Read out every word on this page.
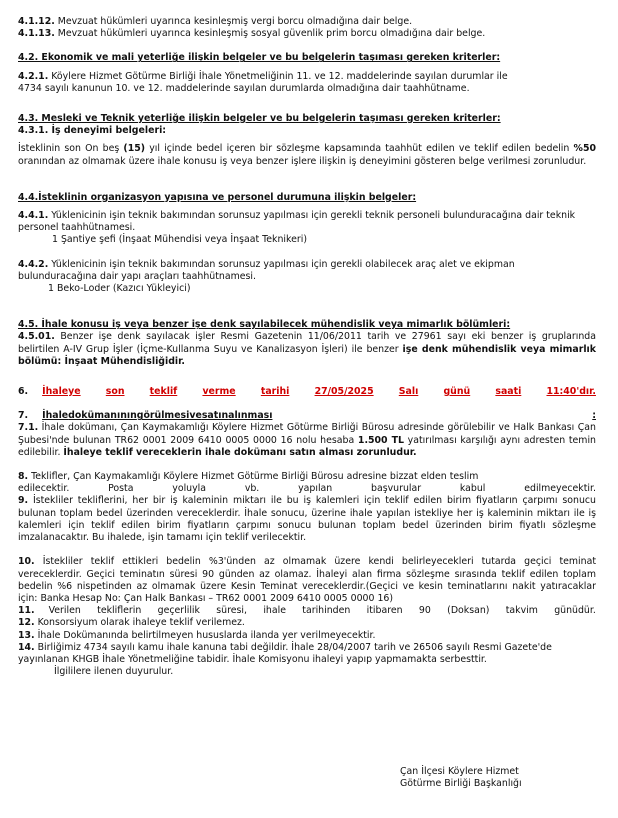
4.1.12. Mevzuat hükümleri uyarınca kesinleşmiş vergi borcu olmadığına dair belge.

4.1.13. Mevzuat hükümleri uyarınca kesinleşmiş sosyal güvenlik prim borcu olmadığına dair belge.

4.2. Ekonomik ve mali yeterliğe ilişkin belgeler ve bu belgelerin taşıması gereken kriterler:

4.2.1. Köylere Hizmet Götürme Birliği İhale Yönetmeliğinin 11. ve 12. maddelerinde sayılan durumlar ile

4734 sayılı kanunun 10. ve 12. maddelerinde sayılan durumlarda olmadığına dair taahhütname.

4.3. Mesleki ve Teknik yeterliğe ilişkin belgeler ve bu belgelerin taşıması gereken kriterler:

4.3.1. İş deneyimi belgeleri:

İsteklinin son On beş (15) yıl içinde bedel içeren bir sözleşme kapsamında taahhüt edilen ve teklif edilen bedelin %50 oranından az olmamak üzere ihale konusu iş veya benzer işlere ilişkin iş deneyimini gösteren belge verilmesi zorunludur.

4.4.İsteklinin organizasyon yapısına ve personel durumuna ilişkin belgeler:

4.4.1. Yüklenicinin işin teknik bakımından sorunsuz yapılması için gerekli teknik personeli bulunduracağına dair teknik personel taahhütnamesi.

1 Şantiye şefi (İnşaat Mühendisi veya İnşaat Teknikeri)

4.4.2. Yüklenicinin işin teknik bakımından sorunsuz yapılması için gerekli olabilecek araç alet ve ekipman bulunduracağına dair yapı araçları taahhütnamesi.

1 Beko-Loder (Kazıcı Yükleyici)

4.5. İhale konusu iş veya benzer işe denk sayılabilecek mühendislik veya mimarlık bölümleri:

4.5.01. Benzer işe denk sayılacak işler Resmi Gazetenin 11/06/2011 tarih ve 27961 sayı eki benzer iş gruplarında belirtilen A-IV Grup İşler (İçme-Kullanma Suyu ve Kanalizasyon İşleri) ile benzer işe denk mühendislik veya mimarlık bölümü: İnşaat Mühendisliğidir.

6. İhaleye	son	teklif	verme	tarihi	27/05/2025	Salı	günü	saati	11:40'dır.

7. İhale dokümanının görülmesi ve satın alınması	:

7.1. İhale dokümanı, Çan Kaymakamlığı Köylere Hizmet Götürme Birliği Bürosu adresinde görülebilir ve Halk Bankası Çan Şubesi'nde bulunan TR62 0001 2009 6410 0005 0000 16 nolu hesaba 1.500 TL yatırılması karşılığı aynı adresten temin edilebilir. İhaleye teklif vereceklerin ihale dokümanı satın alması zorunludur.

8. Teklifler, Çan Kaymakamlığı Köylere Hizmet Götürme Birliği Bürosu adresine bizzat elden teslim

edilecektir.	Posta	yoluyla	vb.	yapılan	başvurular	kabul	edilmeyecektir.

9. İstekliler tekliflerini, her bir iş kaleminin miktarı ile bu iş kalemleri için teklif edilen birim fiyatların çarpımı sonucu bulunan toplam bedel üzerinden vereceklerdir. İhale sonucu, üzerine ihale yapılan istekliye her iş kaleminin miktarı ile iş kalemleri için teklif edilen birim fiyatların çarpımı sonucu bulunan toplam bedel üzerinden birim fiyatlı sözleşme imzalanacaktır. Bu ihalede, işin tamamı için teklif verilecektir.

10. İstekliler teklif ettikleri bedelin %3'ünden az olmamak üzere kendi belirleyecekleri tutarda geçici teminat vereceklerdir. Geçici teminatın süresi 90 günden az olamaz. İhaleyi alan firma sözleşme sırasında teklif edilen toplam bedelin %6 nispetinden az olmamak üzere Kesin Teminat vereceklerdir.(Geçici ve kesin teminatlarını nakit yatıracaklar için: Banka Hesap No: Çan Halk Bankası – TR62 0001 2009 6410 0005 0000 16)

11. Verilen tekliflerin geçerlilik süresi, ihale tarihinden itibaren 90 (Doksan) takvim günüdür.

12. Konsorsiyum olarak ihaleye teklif verilemez.

13. İhale Dokümanında belirtilmeyen hususlarda ilanda yer verilmeyecektir.

14. Birliğimiz 4734 sayılı kamu ihale kanuna tabi değildir. İhale 28/04/2007 tarih ve 26506 sayılı Resmi Gazete'de yayınlanan KHGB İhale Yönetmeliğine tabidir. İhale Komisyonu ihaleyi yapıp yapmamakta serbesttir.

İlgililere ilenen duyurulur.

Çan İlçesi Köylere Hizmet

Götürme Birliği Başkanlığı
